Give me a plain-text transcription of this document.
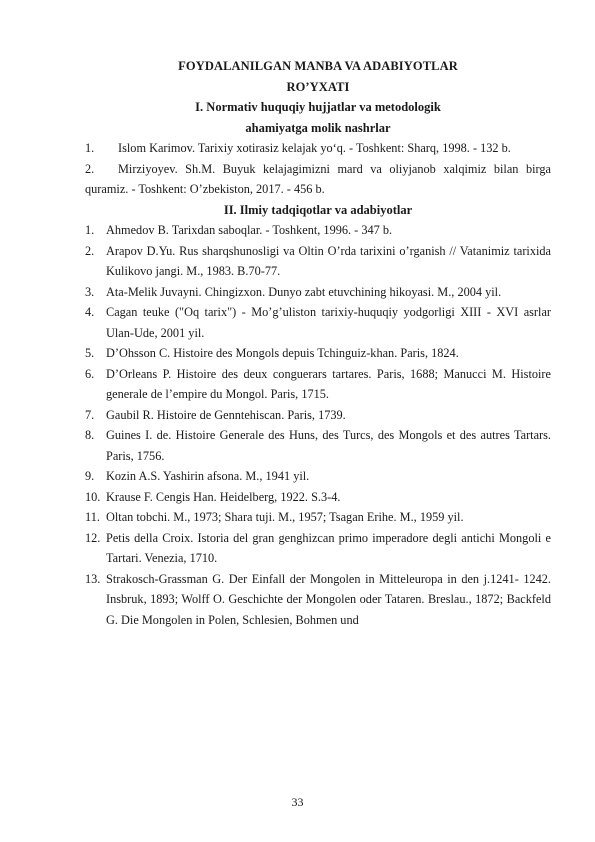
FOYDALANILGAN MANBA VA ADABIYOTLAR
RO’YXATI
I. Normativ huquqiy hujjatlar va metodologik
ahamiyatga molik nashrlar
1. Islom Karimov. Tarixiy xotirasiz kelajak yo‘q. - Toshkent: Sharq, 1998. - 132 b.
2. Mirziyoyev. Sh.M. Buyuk kelajagimizni mard va oliyjanob xalqimiz bilan birga quramiz. - Toshkent: O’zbekiston, 2017. - 456 b.
II. Ilmiy tadqiqotlar va adabiyotlar
1. Ahmedov B. Tarixdan saboqlar. - Toshkent, 1996. - 347 b.
2. Arapov D.Yu. Rus sharqshunosligi va Oltin O’rda tarixini o’rganish // Vatanimiz tarixida Kulikovo jangi. M., 1983. B.70-77.
3. Ata-Melik Juvayni. Chingizxon. Dunyo zabt etuvchining hikoyasi. M., 2004 yil.
4. Cagan teuke ("Oq tarix") - Mo’g’uliston tarixiy-huquqiy yodgorligi XIII - XVI asrlar Ulan-Ude, 2001 yil.
5. D’Ohsson C. Histoire des Mongols depuis Tchinguiz-khan. Paris, 1824.
6. D’Orleans P. Histoire des deux conguerars tartares. Paris, 1688; Manucci M. Histoire generale de l’empire du Mongol. Paris, 1715.
7. Gaubil R. Histoire de Genntehiscan. Paris, 1739.
8. Guines I. de. Histoire Generale des Huns, des Turcs, des Mongols et des autres Tartars. Paris, 1756.
9. Kozin A.S. Yashirin afsona. M., 1941 yil.
10. Krause F. Cengis Han. Heidelberg, 1922. S.3-4.
11. Oltan tobchi. M., 1973; Shara tuji. M., 1957; Tsagan Erihe. M., 1959 yil.
12. Petis della Croix. Istoria del gran genghizcan primo imperadore degli antichi Mongoli e Tartari. Venezia, 1710.
13. Strakosch-Grassman G. Der Einfall der Mongolen in Mitteleuropa in den j.1241- 1242. Insbruk, 1893; Wolff O. Geschichte der Mongolen oder Tataren. Breslau., 1872; Backfeld G. Die Mongolen in Polen, Schlesien, Bohmen und
33
